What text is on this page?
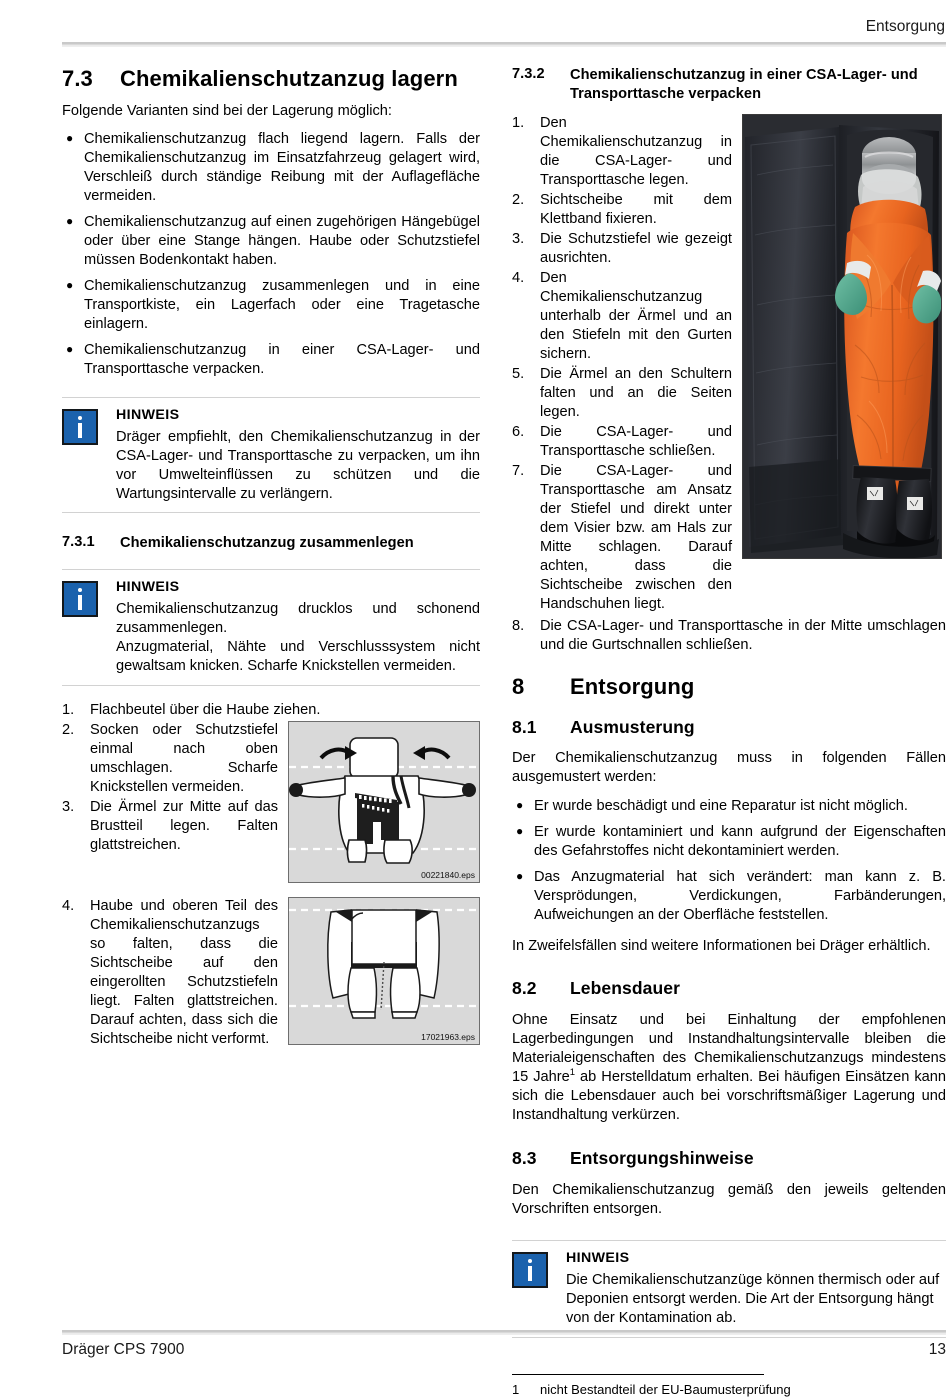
Entsorgung
7.3	Chemikalienschutzanzug lagern

Folgende Varianten sind bei der Lagerung möglich:

● Chemikalienschutzanzug flach liegend lagern. Falls der Chemikalienschutzanzug im Einsatzfahrzeug gelagert wird, Verschleiß durch ständige Reibung mit der Auflagefläche vermeiden.
● Chemikalienschutzanzug auf einen zugehörigen Hängebügel oder über eine Stange hängen. Haube oder Schutzstiefel müssen Bodenkontakt haben.
● Chemikalienschutzanzug zusammenlegen und in eine Transportkiste, ein Lagerfach oder eine Tragetasche einlagern.
● Chemikalienschutzanzug in einer CSA-Lager- und Transporttasche verpacken.
HINWEIS
Dräger empfiehlt, den Chemikalienschutzanzug in der CSA-Lager- und Transporttasche zu verpacken, um ihn vor Umwelteinflüssen zu schützen und die Wartungsintervalle zu verlängern.
7.3.1	Chemikalienschutzanzug zusammenlegen
HINWEIS
Chemikalienschutzanzug drucklos und schonend zusammenlegen.
Anzugmaterial, Nähte und Verschlusssystem nicht gewaltsam knicken. Scharfe Knickstellen vermeiden.
1.	Flachbeutel über die Haube ziehen.
2.	Socken oder Schutzstiefel einmal nach oben umschlagen. Scharfe Knickstellen vermeiden.
3.	Die Ärmel zur Mitte auf das Brustteil legen. Falten glattstreichen.
00221840.eps
4.	Haube und oberen Teil des Chemikalienschutzanzugs so falten, dass die Sichtscheibe auf den eingerollten Schutzstiefeln liegt. Falten glattstreichen. Darauf achten, dass sich die Sichtscheibe nicht verformt.	17021963.eps
7.3.2	Chemikalienschutzanzug in einer CSA-Lager- und
Transporttasche verpacken
1.	Den Chemikalienschutzanzug in die CSA-Lager- und Transporttasche legen.
2.	Sichtscheibe mit dem Klettband fixieren.
3.	Die Schutzstiefel wie gezeigt ausrichten.
4.	Den Chemikalienschutzanzug unterhalb der Ärmel und an den Stiefeln mit den Gurten sichern.
5.	Die Ärmel an den Schultern falten und an die Seiten legen.
6.	Die CSA-Lager- und Transporttasche schließen.
7.	Die CSA-Lager- und Transporttasche am Ansatz der Stiefel und direkt unter dem Visier bzw. am Hals zur Mitte schlagen. Darauf achten, dass die Sichtscheibe zwischen den Handschuhen liegt.
8.	Die CSA-Lager- und Transporttasche in der Mitte umschlagen und die Gurtschnallen schließen.
8	Entsorgung
8.1	Ausmusterung

Der Chemikalienschutzanzug muss in folgenden Fällen ausgemustert werden:

● Er wurde beschädigt und eine Reparatur ist nicht möglich.
● Er wurde kontaminiert und kann aufgrund der Eigenschaften des Gefahrstoffes nicht dekontaminiert werden.
● Das Anzugmaterial hat sich verändert: man kann z. B. Versprödungen, Verdickungen, Farbänderungen, Aufweichungen an der Oberfläche feststellen.

In Zweifelsfällen sind weitere Informationen bei Dräger erhältlich.

8.2	Lebensdauer

Ohne Einsatz und bei Einhaltung der empfohlenen Lagerbedingungen und Instandhaltungsintervalle bleiben die Materialeigenschaften des Chemikalienschutzanzugs mindestens 15 Jahre$^1$ ab Herstelldatum erhalten. Bei häufigen Einsätzen kann sich die Lebensdauer auch bei vorschriftsmäßiger Lagerung und Instandhaltung verkürzen.

8.3	Entsorgungshinweise

Den Chemikalienschutzanzug gemäß den jeweils geltenden Vorschriften entsorgen.

HINWEIS
Die Chemikalienschutzanzüge können thermisch oder auf Deponien entsorgt werden. Die Art der Entsorgung hängt von der Kontamination ab.
1	nicht Bestandteil der EU-Baumusterprüfung
Dräger CPS 7900	13
